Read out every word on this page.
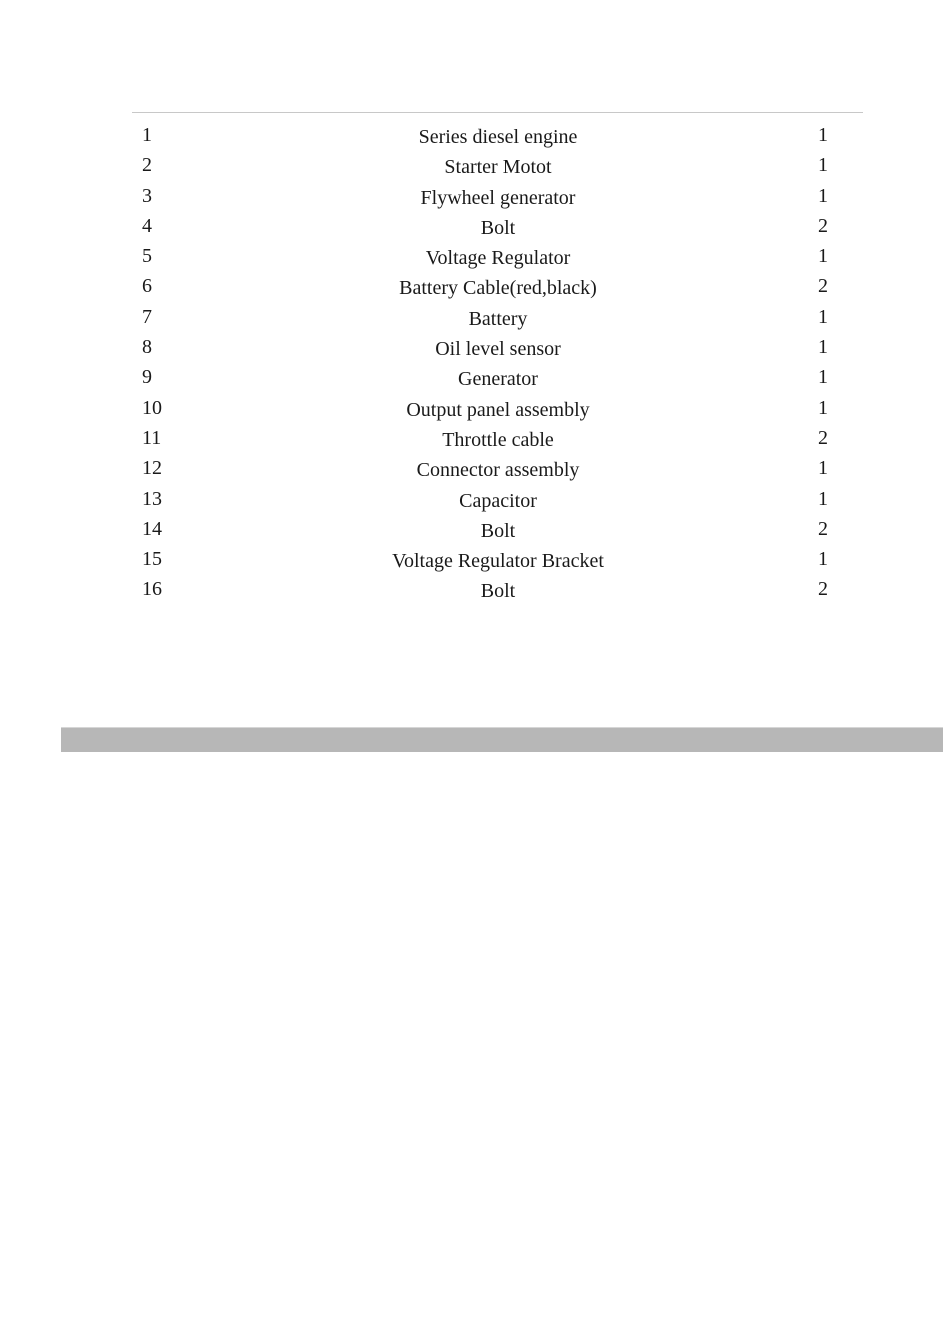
1	Series diesel engine	1
2	Starter Motot	1
3	Flywheel generator	1
4	Bolt	2
5	Voltage Regulator	1
6	Battery Cable(red,black)	2
7	Battery	1
8	Oil level sensor	1
9	Generator	1
10	Output panel assembly	1
11	Throttle cable	2
12	Connector assembly	1
13	Capacitor	1
14	Bolt	2
15	Voltage Regulator Bracket	1
16	Bolt	2
